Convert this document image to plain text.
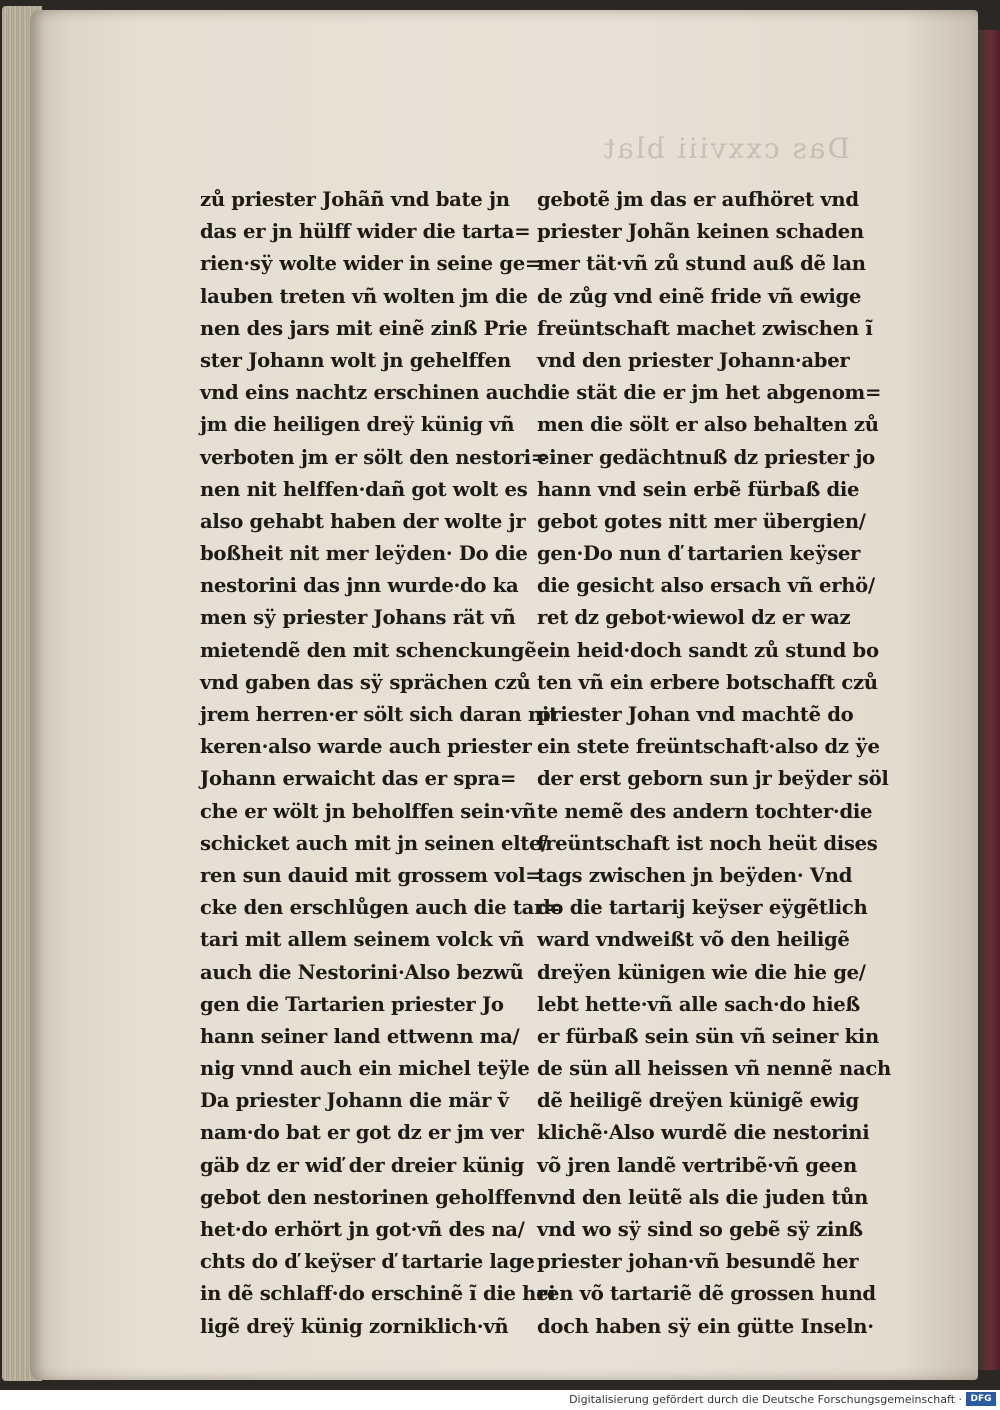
Das cxxviii blat
zů priester Johãñ vnd bate jn
das er jn hülff wider die tarta=
rien·sӱ wolte wider in seine ge=
lauben treten vñ wolten jm die
nen des jars mit einẽ zinß Prie
ster Johann wolt jn gehelffen
vnd eins nachtz erschinen auch
jm die heiligen dreӱ künig vñ
verboten jm er sölt den nestori=
nen nit helffen·dañ got wolt es
also gehabt haben der wolte jr
boßheit nit mer leӱden· Do die
nestorini das jnn wurde·do ka
men sӱ priester Johans rät vñ
mietendẽ den mit schenckungẽ·
vnd gaben das sӱ sprächen czů
jrem herren·er sölt sich daran nit
keren·also warde auch priester
Johann erwaicht das er spra=
che er wölt jn beholffen sein·vñ
schicket auch mit jn seinen elte/
ren sun dauid mit grossem vol=
cke den erschlůgen auch die tar=
tari mit allem seinem volck vñ
auch die Nestorini·Also bezwũ
gen die Tartarien priester Jo
hann seiner land ettwenn ma/
nig vnnd auch ein michel teӱle
Da priester Johann die mär ṽ
nam·do bat er got dz er jm ver
gäb dz er wiď der dreier künig
gebot den nestorinen geholffen
het·do erhört jn got·vñ des na/
chts do ď keӱser ď tartarie lage
in dẽ schlaff·do erschinẽ ĩ die hei
ligẽ dreӱ künig zorniklich·vñ
gebotẽ jm das er aufhöret vnd
priester Johãn keinen schaden
mer tät·vñ zů stund auß dẽ lan
de zůg vnd einẽ fride vñ ewige
freüntschaft machet zwischen ĩ
vnd den priester Johann·aber
die stät die er jm het abgenom=
men die sölt er also behalten zů
einer gedächtnuß dz priester jo
hann vnd sein erbẽ fürbaß die
gebot gotes nitt mer übergien/
gen·Do nun ď tartarien keӱser
die gesicht also ersach vñ erhö/
ret dz gebot·wiewol dz er waz
ein heid·doch sandt zů stund bo
ten vñ ein erbere botschafft czů
priester Johan vnd machtẽ do
ein stete freüntschaft·also dz ӱe
der erst geborn sun jr beӱder söl
te nemẽ des andern tochter·die
freüntschaft ist noch heüt dises
tags zwischen jn beӱden· Vnd
do die tartarij keӱser eӱgẽtlich
ward vndweißt võ den heiligẽ
dreӱen künigen wie die hie ge/
lebt hette·vñ alle sach·do hieß
er fürbaß sein sün vñ seiner kin
de sün all heissen vñ nennẽ nach
dẽ heiligẽ dreӱen künigẽ ewig
klichẽ·Also wurdẽ die nestorini
võ jren landẽ vertribẽ·vñ geen
vnd den leütẽ als die juden tůn
vnd wo sӱ sind so gebẽ sӱ zinß
priester johan·vñ besundẽ her
ren võ tartariẽ dẽ grossen hund
doch haben sӱ ein gütte Inseln·
Digitalisierung gefördert durch die Deutsche Forschungsgemeinschaft · DFG
